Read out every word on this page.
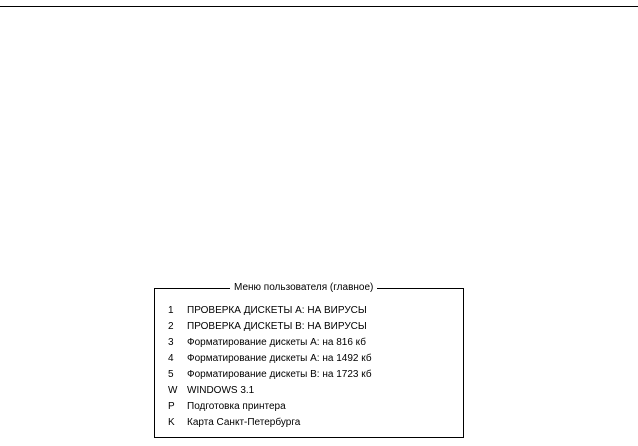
Меню пользователя (главное)
1	ПРОВЕРКА ДИСКЕТЫ А: НА ВИРУСЫ
2	ПРОВЕРКА ДИСКЕТЫ В: НА ВИРУСЫ
3	Форматирование дискеты А: на 816 кб
4	Форматирование дискеты А: на 1492 кб
5	Форматирование дискеты В: на 1723 кб
W WINDOWS 3.1
P	Подготовка принтера
K	Карта Санкт-Петербурга
